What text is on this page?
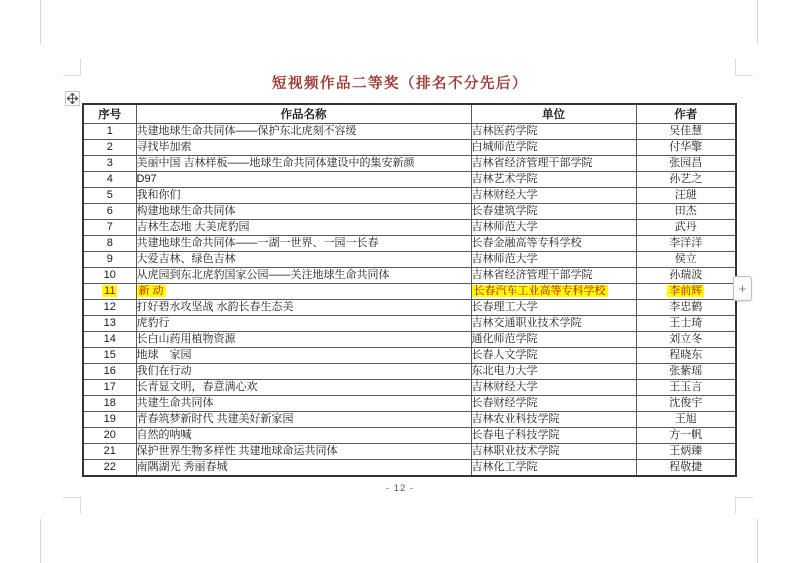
短视频作品二等奖（排名不分先后）
序号	作品名称	单位	作者
1	共建地球生命共同体——保护东北虎刻不容缓	吉林医药学院	吴佳慧
2	寻找毕加索	白城师范学院	付华擎
3	美丽中国 吉林样板——地球生命共同体建设中的集安新颜	吉林省经济管理干部学院	张园昌
4	D97	吉林艺术学院	孙艺之
5	我和你们	吉林财经大学	汪琎
6	构建地球生命共同体	长春建筑学院	田杰
7	吉林生态地 大美虎豹园	吉林师范大学	武丹
8	共建地球生命共同体——一湖一世界、一园一长春	长春金融高等专科学校	李洋洋
9	大爱吉林、绿色吉林	吉林师范大学	侯立
10	从虎园到东北虎豹国家公园——关注地球生命共同体	吉林省经济管理干部学院	孙瑞波
11	新 动	长春汽车工业高等专科学校	李前辉
12	打好碧水攻坚战 水韵长春生态美	长春理工大学	李忠鹤
13	虎豹行	吉林交通职业技术学院	王士琦
14	长白山药用植物资源	通化师范学院	刘立冬
15	地球　家园	长春人文学院	程晓东
16	我们在行动	东北电力大学	张紫瑶
17	长青显文明，春意满心欢	吉林财经大学	王玉言
18	共建生命共同体	长春财经学院	沈俊宇
19	青春筑梦新时代 共建美好新家园	吉林农业科技学院	王旭
20	自然的呐喊	长春电子科技学院	方一帆
21	保护世界生物多样性 共建地球命运共同体	吉林职业技术学院	王炳臻
22	南隅湖光 秀丽春城	吉林化工学院	程敬捷
+
- 12 -
